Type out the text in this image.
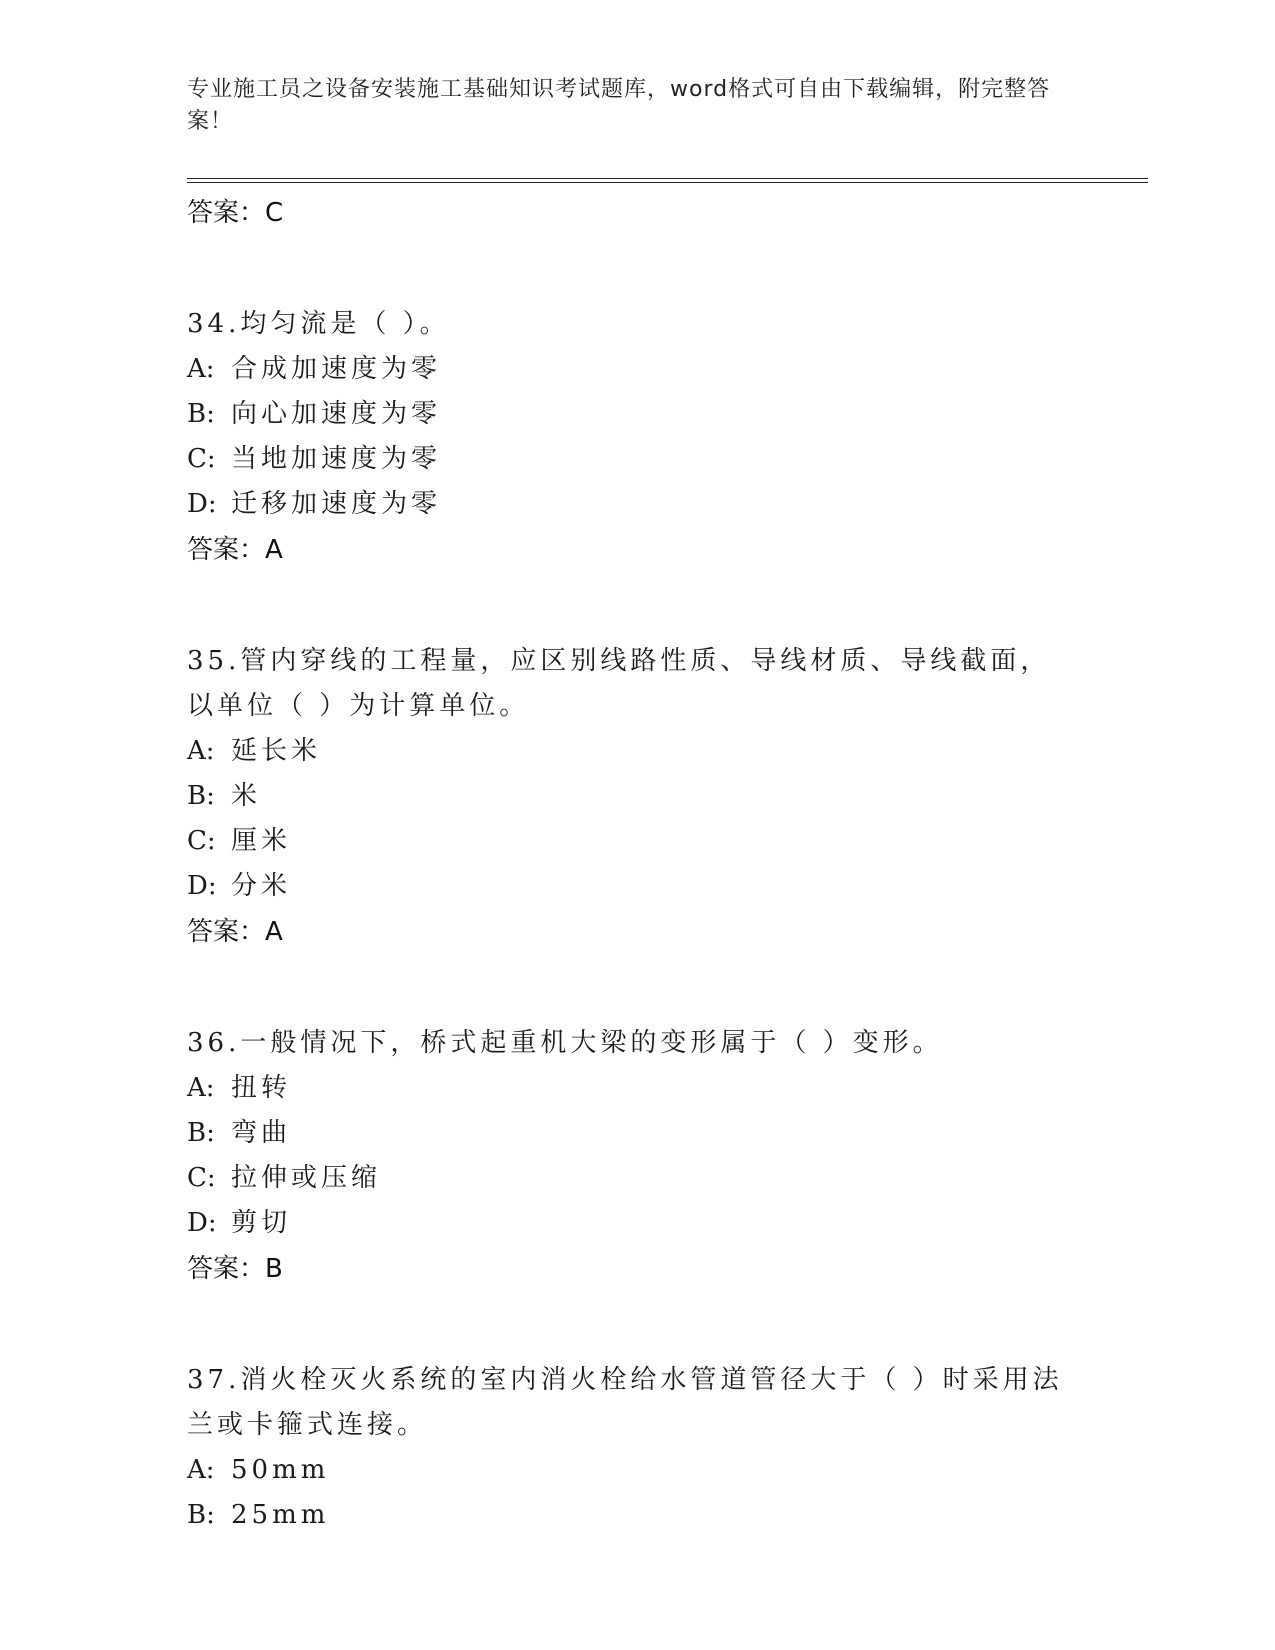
专业施工员之设备安装施工基础知识考试题库，word格式可自由下载编辑，附完整答案！
答案：C
34.均匀流是（ ）。
A: 合成加速度为零
B: 向心加速度为零
C: 当地加速度为零
D: 迁移加速度为零
答案：A
35.管内穿线的工程量，应区别线路性质、导线材质、导线截面，以单位（ ）为计算单位。
A: 延长米
B: 米
C: 厘米
D: 分米
答案：A
36.一般情况下，桥式起重机大梁的变形属于（ ）变形。
A: 扭转
B: 弯曲
C: 拉伸或压缩
D: 剪切
答案：B
37.消火栓灭火系统的室内消火栓给水管道管径大于（ ）时采用法兰或卡箍式连接。
A: 50mm
B: 25mm
